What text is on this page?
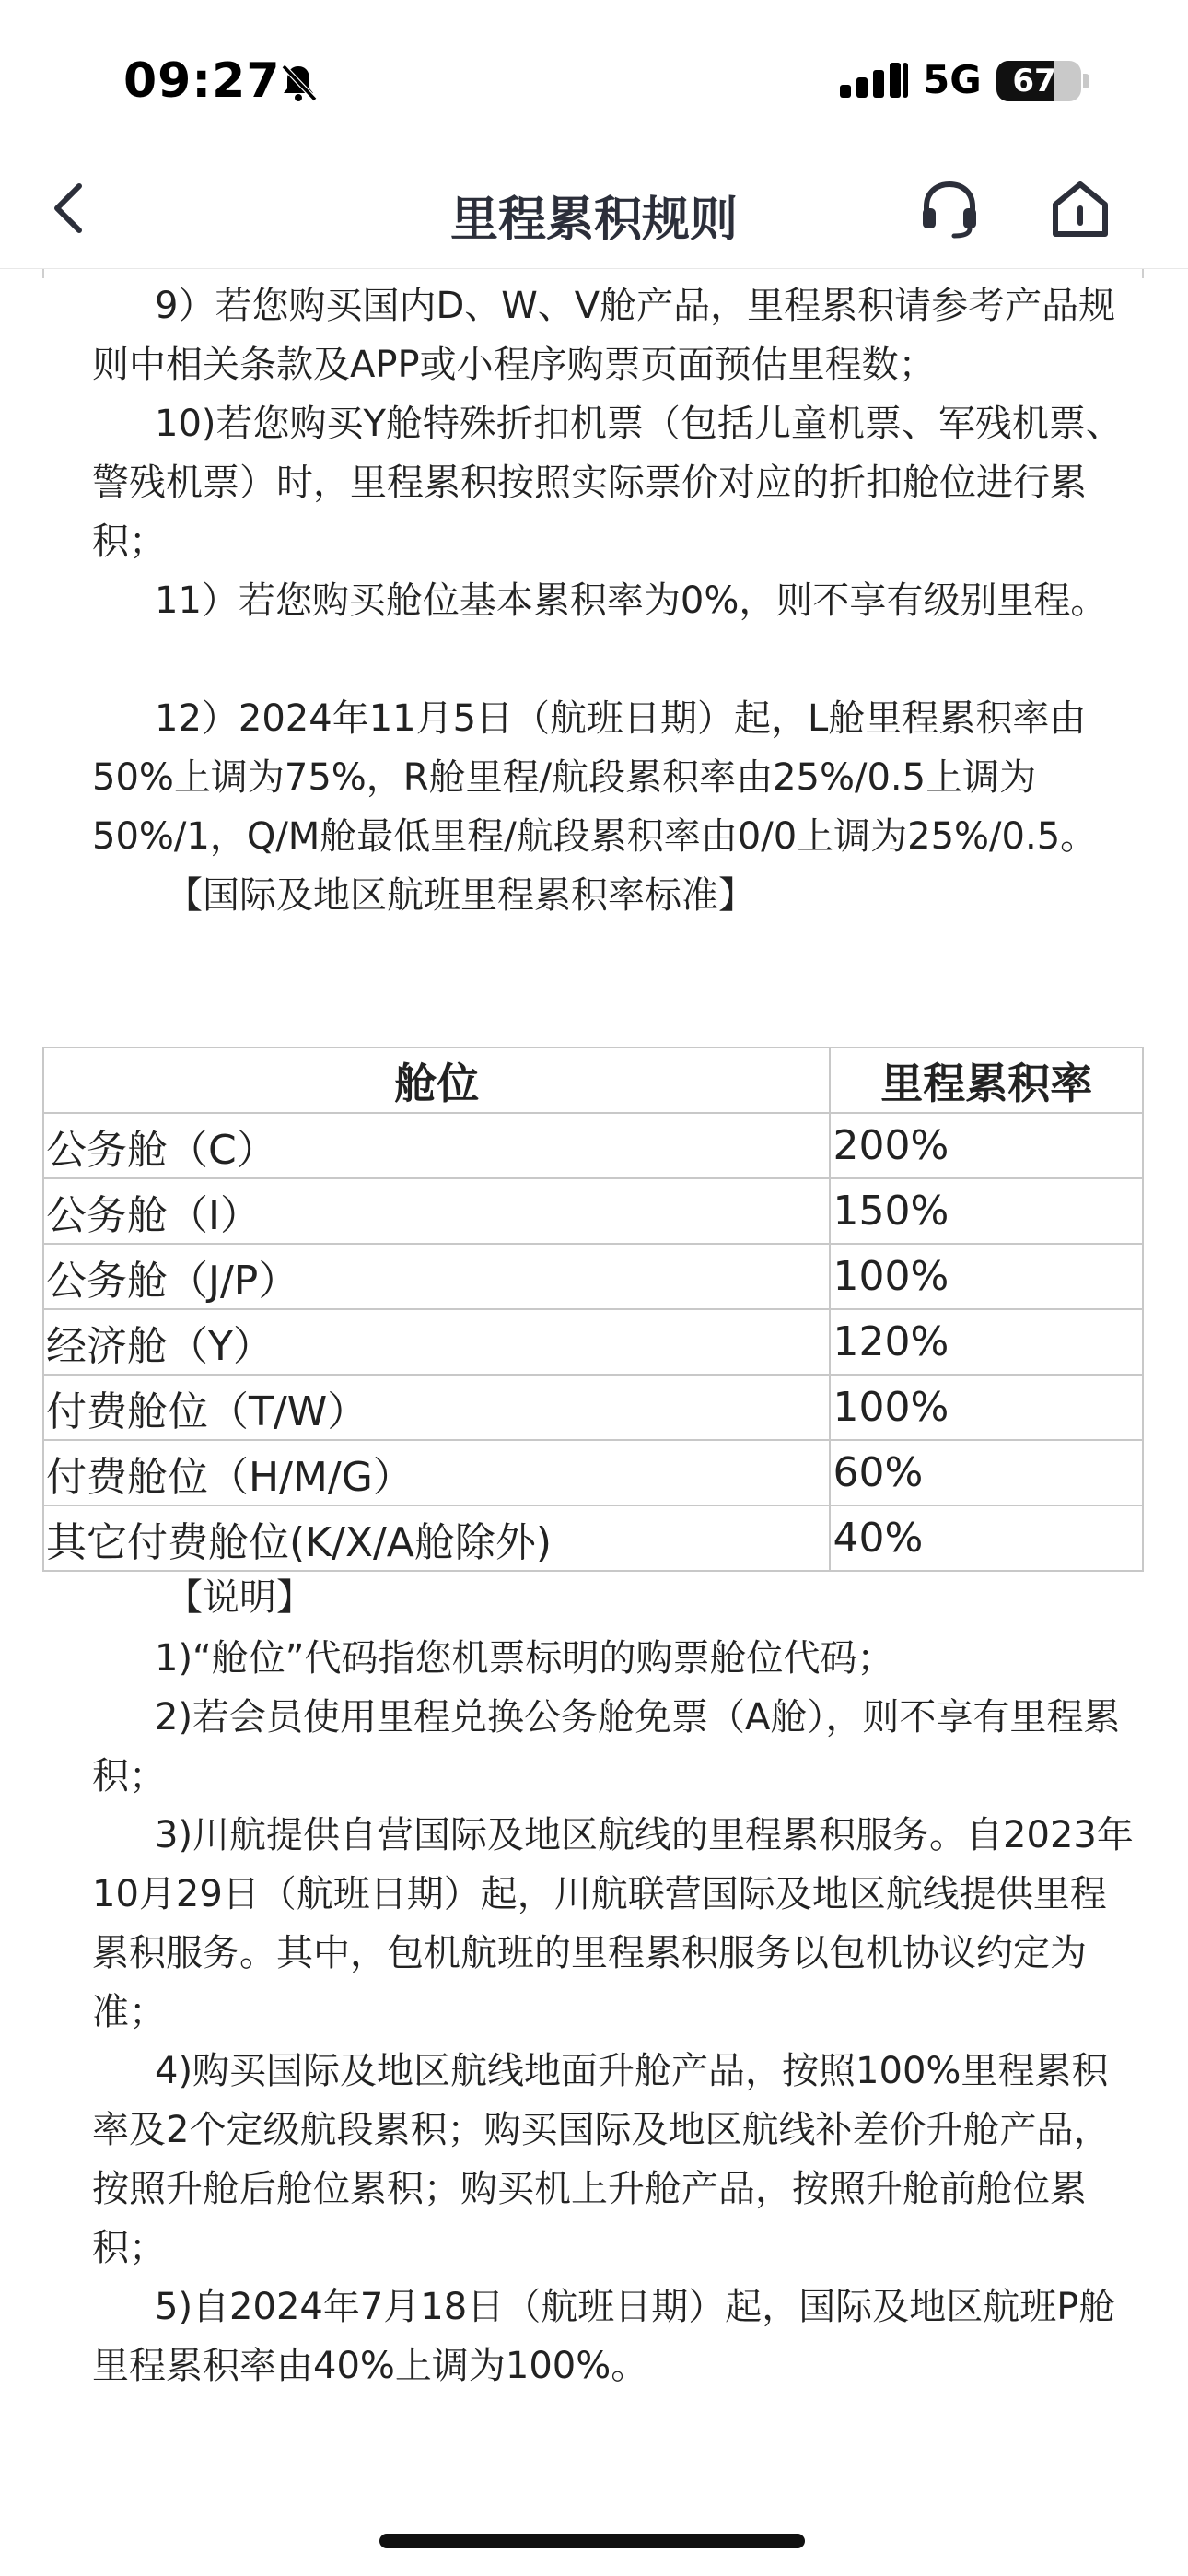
09:27	5G 67
里程累积规则
9）若您购买国内D、W、V舱产品，里程累积请参考产品规则中相关条款及APP或小程序购票页面预估里程数；
10)若您购买Y舱特殊折扣机票（包括儿童机票、军残机票、警残机票）时，里程累积按照实际票价对应的折扣舱位进行累积；
11）若您购买舱位基本累积率为0%，则不享有级别里程。
12）2024年11月5日（航班日期）起，L舱里程累积率由50%上调为75%，R舱里程/航段累积率由25%/0.5上调为50%/1，Q/M舱最低里程/航段累积率由0/0上调为25%/0.5。
【国际及地区航班里程累积率标准】
舱位	里程累积率
公务舱（C）	200%
公务舱（I）	150%
公务舱（J/P）	100%
经济舱（Y）	120%
付费舱位（T/W）	100%
付费舱位（H/M/G）	60%
其它付费舱位(K/X/A舱除外)	40%
【说明】
1)“舱位”代码指您机票标明的购票舱位代码；
2)若会员使用里程兑换公务舱免票（A舱），则不享有里程累积；
3)川航提供自营国际及地区航线的里程累积服务。自2023年10月29日（航班日期）起，川航联营国际及地区航线提供里程累积服务。其中，包机航班的里程累积服务以包机协议约定为准；
4)购买国际及地区航线地面升舱产品，按照100%里程累积率及2个定级航段累积；购买国际及地区航线补差价升舱产品，按照升舱后舱位累积；购买机上升舱产品，按照升舱前舱位累积；
5)自2024年7月18日（航班日期）起，国际及地区航班P舱里程累积率由40%上调为100%。
